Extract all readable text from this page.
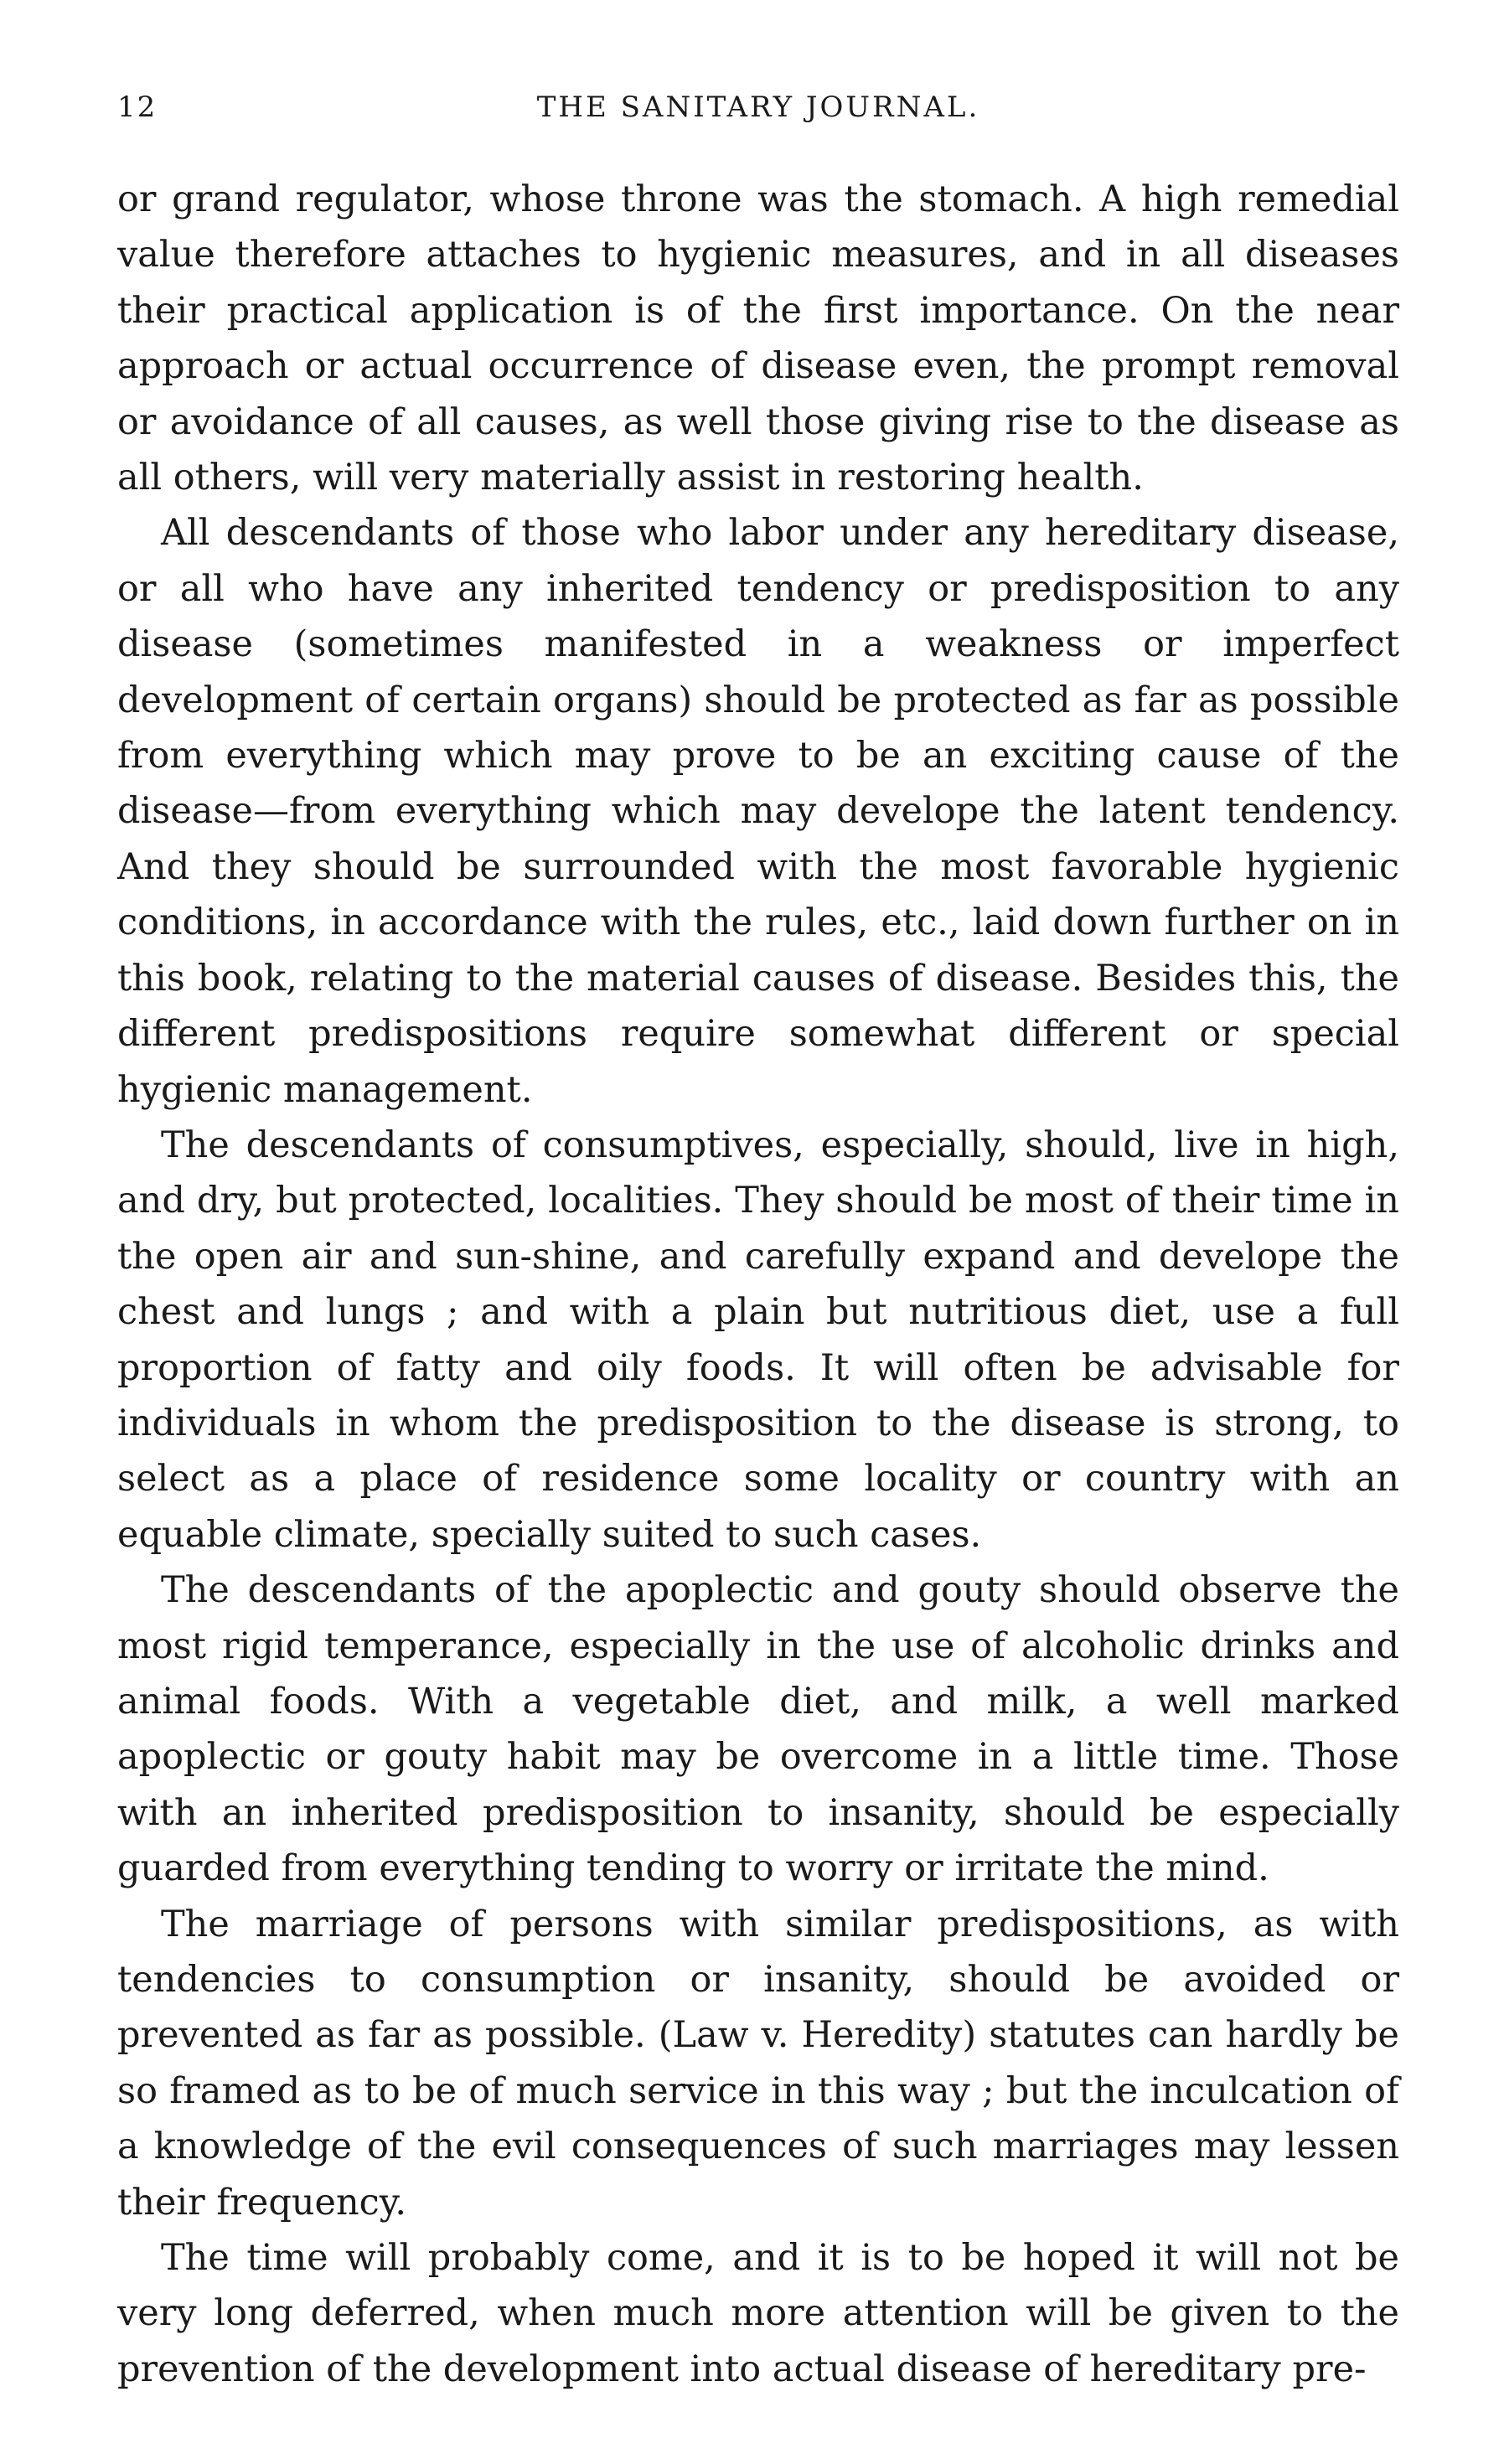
12	THE SANITARY JOURNAL.

or grand regulator, whose throne was the stomach. A high remedial value therefore attaches to hygienic measures, and in all diseases their practical application is of the first importance. On the near approach or actual occurrence of disease even, the prompt removal or avoidance of all causes, as well those giving rise to the disease as all others, will very materially assist in restoring health.

All descendants of those who labor under any hereditary disease, or all who have any inherited tendency or predisposition to any disease (sometimes manifested in a weakness or imperfect development of certain organs) should be protected as far as possible from everything which may prove to be an exciting cause of the disease—from everything which may develope the latent tendency. And they should be surrounded with the most favorable hygienic conditions, in accordance with the rules, etc., laid down further on in this book, relating to the material causes of disease. Besides this, the different predispositions require somewhat different or special hygienic management.

The descendants of consumptives, especially, should, live in high, and dry, but protected, localities. They should be most of their time in the open air and sun-shine, and carefully expand and develope the chest and lungs ; and with a plain but nutritious diet, use a full proportion of fatty and oily foods. It will often be advisable for individuals in whom the predisposition to the disease is strong, to select as a place of residence some locality or country with an equable climate, specially suited to such cases.

The descendants of the apoplectic and gouty should observe the most rigid temperance, especially in the use of alcoholic drinks and animal foods. With a vegetable diet, and milk, a well marked apoplectic or gouty habit may be overcome in a little time. Those with an inherited predisposition to insanity, should be especially guarded from everything tending to worry or irritate the mind.

The marriage of persons with similar predispositions, as with tendencies to consumption or insanity, should be avoided or prevented as far as possible. (Law v. Heredity) statutes can hardly be so framed as to be of much service in this way ; but the inculcation of a knowledge of the evil consequences of such marriages may lessen their frequency.

The time will probably come, and it is to be hoped it will not be very long deferred, when much more attention will be given to the prevention of the development into actual disease of hereditary pre-
